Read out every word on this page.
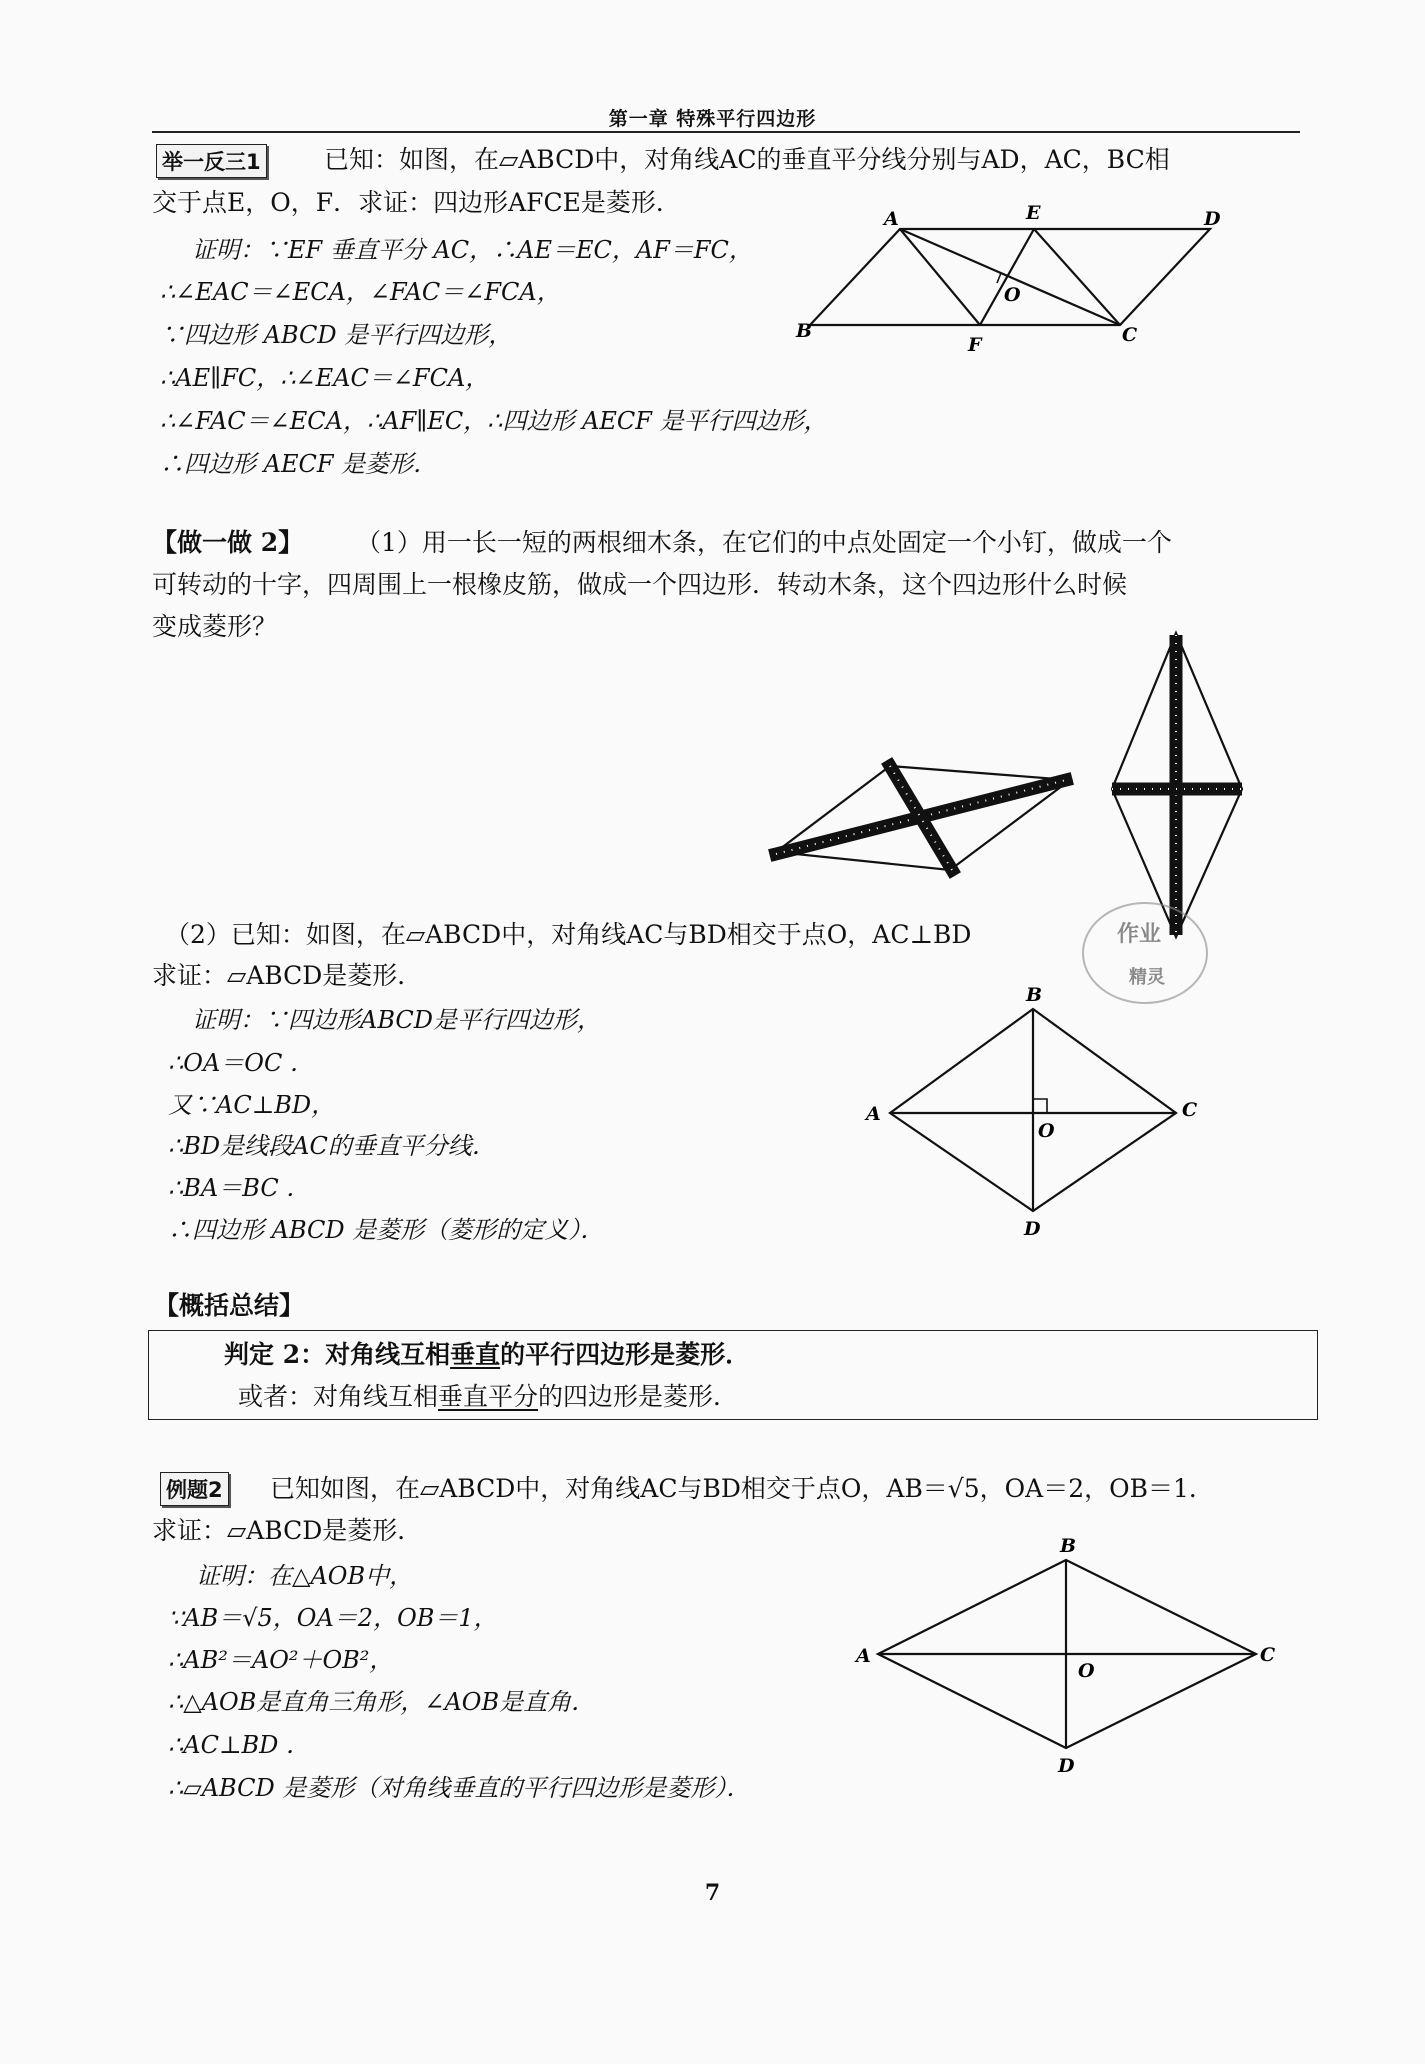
第一章 特殊平行四边形
举一反三1	已知：如图，在▱ABCD中，对角线AC的垂直平分线分别与AD，AC，BC相
交于点E，O，F．求证：四边形AFCE是菱形．
证明：∵EF 垂直平分 AC，∴AE＝EC，AF＝FC，
∴∠EAC＝∠ECA，∠FAC＝∠FCA，
∵四边形 ABCD 是平行四边形，
∴AE∥FC，∴∠EAC＝∠FCA，
∴∠FAC＝∠ECA，∴AF∥EC，∴四边形 AECF 是平行四边形，
∴四边形 AECF 是菱形．
A	E	D
O
B
F	C
【做一做 2】 （1）用一长一短的两根细木条，在它们的中点处固定一个小钉，做成一个
可转动的十字，四周围上一根橡皮筋，做成一个四边形．转动木条，这个四边形什么时候
变成菱形？
作业
精灵
（2）已知：如图，在▱ABCD中，对角线AC与BD相交于点O，AC⊥BD
求证：▱ABCD是菱形．
证明：∵四边形ABCD是平行四边形，
∴OA＝OC ．
又∵AC⊥BD，
∴BD是线段AC的垂直平分线．
∴BA＝BC ．
∴四边形 ABCD 是菱形（菱形的定义）．
B
A	C
O
D
【概括总结】
判定 2：对角线互相垂直的平行四边形是菱形．
或者：对角线互相垂直平分的四边形是菱形．
例题2 已知如图，在▱ABCD中，对角线AC与BD相交于点O，AB＝√5，OA＝2，OB＝1．
求证：▱ABCD是菱形．
证明：在△AOB中，
∵AB＝√5，OA＝2，OB＝1，
∴AB²＝AO²＋OB²，
∴△AOB是直角三角形，∠AOB是直角．
∴AC⊥BD ．
∴▱ABCD 是菱形（对角线垂直的平行四边形是菱形）．
B
A	C
O
D
7
